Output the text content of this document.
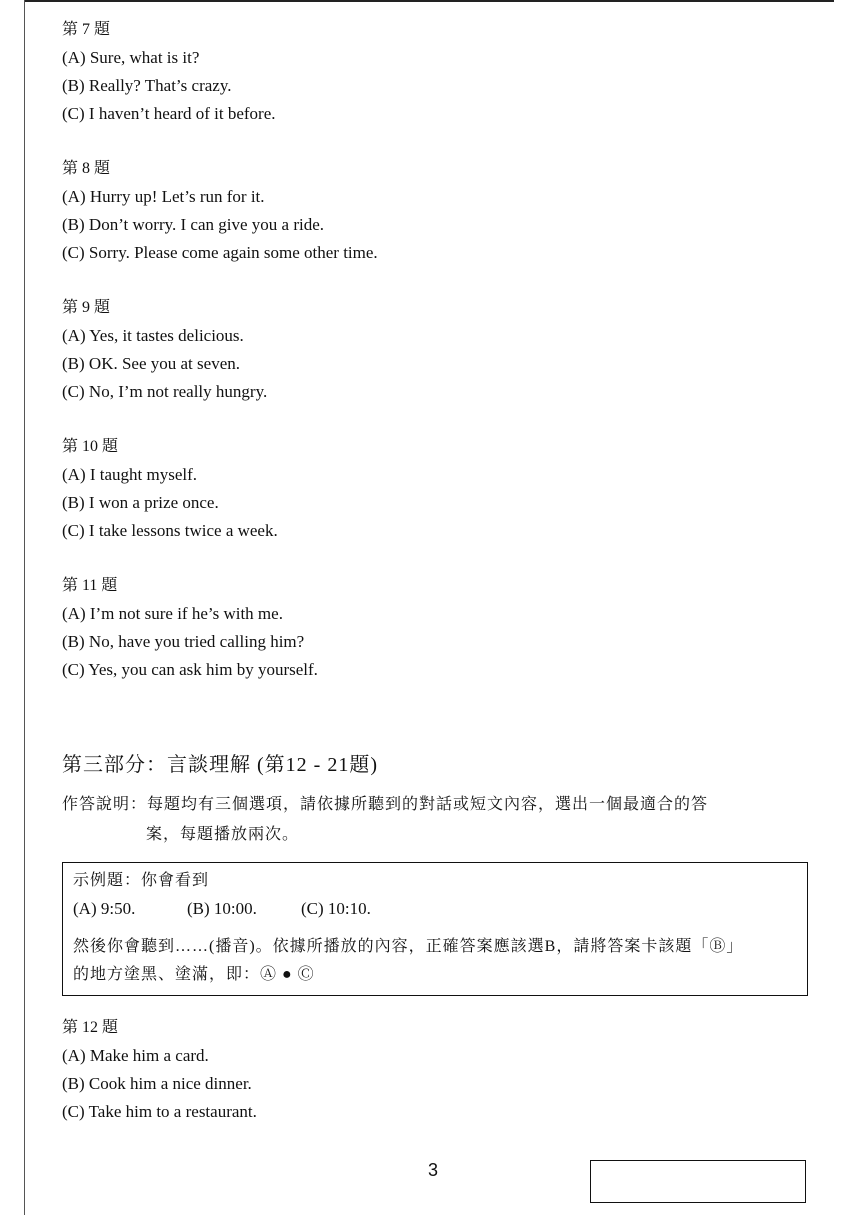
第 7 題
(A) Sure, what is it?
(B) Really? That’s crazy.
(C) I haven’t heard of it before.
第 8 題
(A) Hurry up! Let’s run for it.
(B) Don’t worry. I can give you a ride.
(C) Sorry. Please come again some other time.
第 9 題
(A) Yes, it tastes delicious.
(B) OK. See you at seven.
(C) No, I’m not really hungry.
第 10 題
(A) I taught myself.
(B) I won a prize once.
(C) I take lessons twice a week.
第 11 題
(A) I’m not sure if he’s with me.
(B) No, have you tried calling him?
(C) Yes, you can ask him by yourself.
第三部分：言談理解 (第12 - 21題)
作答說明：每題均有三個選項，請依據所聽到的對話或短文內容，選出一個最適合的答
案，每題播放兩次。
示例題：你會看到
(A) 9:50.	(B) 10:00.	(C) 10:10.
然後你會聽到……(播音)。依據所播放的內容，正確答案應該選B，請將答案卡該題「Ⓑ」
的地方塗黑、塗滿，即：Ⓐ ● Ⓒ
第 12 題
(A) Make him a card.
(B) Cook him a nice dinner.
(C) Take him to a restaurant.
3
